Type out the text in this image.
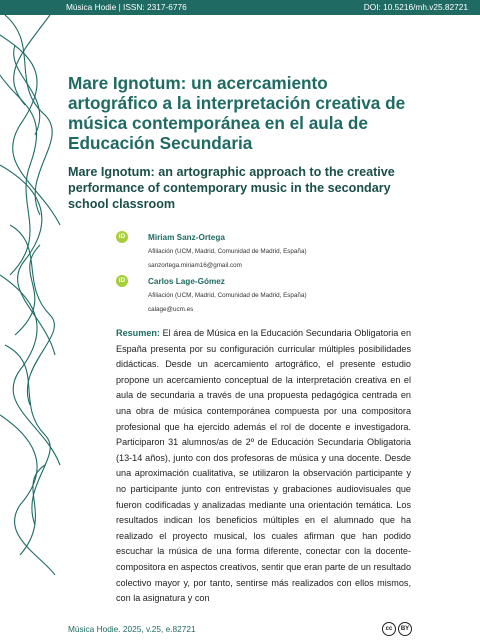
Música Hodie | ISSN: 2317-6776	DOI: 10.5216/mh.v25.82721
Mare Ignotum: un acercamiento artográfico a la interpretación creativa de música contemporánea en el aula de Educación Secundaria
Mare Ignotum: an artographic approach to the creative performance of contemporary music in the secondary school classroom
iD	Miriam Sanz-Ortega
Afiliación (UCM, Madrid, Comunidad de Madrid, España)
sanzortega.miriam16@gmail.com
iD	Carlos Lage-Gómez
Afiliación (UCM, Madrid, Comunidad de Madrid, España)
calage@ucm.es
Resumen: El área de Música en la Educación Secundaria Obligatoria en España presenta por su configuración curricular múltiples posibilidades didácticas. Desde un acercamiento artográfico, el presente estudio propone un acercamiento conceptual de la interpretación creativa en el aula de secundaria a través de una propuesta pedagógica centrada en una obra de música contemporánea compuesta por una compositora profesional que ha ejercido además el rol de docente e investigadora. Participaron 31 alumnos/as de 2º de Educación Secundaria Obligatoria (13-14 años), junto con dos profesoras de música y una docente. Desde una aproximación cualitativa, se utilizaron la observación participante y no participante junto con entrevistas y grabaciones audiovisuales que fueron codificadas y analizadas mediante una orientación temática. Los resultados indican los beneficios múltiples en el alumnado que ha realizado el proyecto musical, los cuales afirman que han podido escuchar la música de una forma diferente, conectar con la docente-compositora en aspectos creativos, sentir que eran parte de un resultado colectivo mayor y, por tanto, sentirse más realizados con ellos mismos, con la asignatura y con
Música Hodie. 2025, v.25, e.82721	cc BY
